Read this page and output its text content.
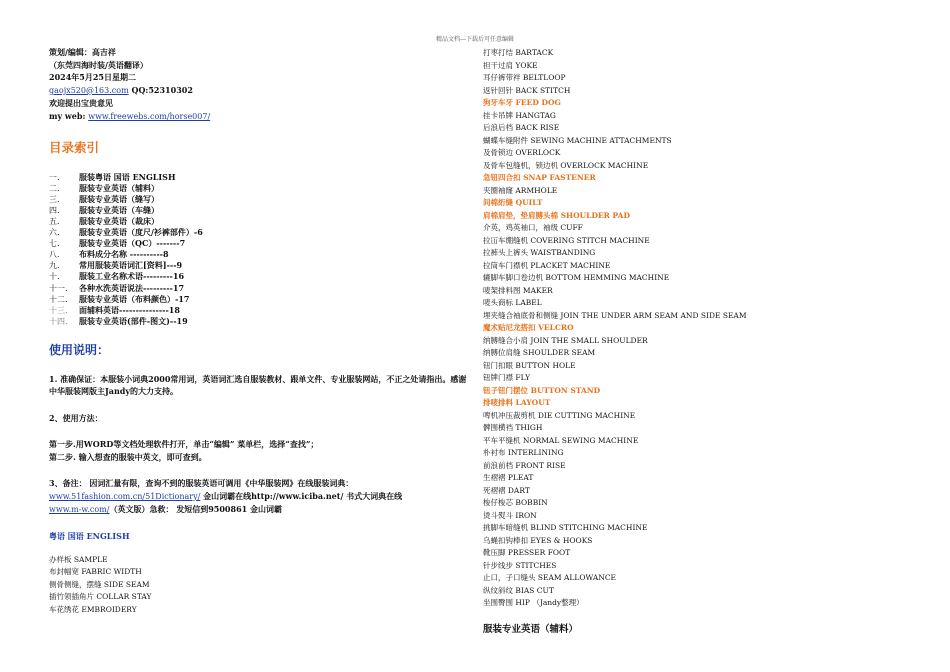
精品文档---下载后可任意编辑
策划/编辑：高吉祥
（东莞四海时装/英语翻译）
2024年5月25日星期二
gaojx520@163.com QQ:52310302
欢迎提出宝贵意见
my web: www.freewebs.com/horse007/
目录索引
一. 服装粤语 国语 ENGLISH
二. 服装专业英语（辅料）
三. 服装专业英语（缝写）
四. 服装专业英语（车缝）
五. 服装专业英语（裁床）
六. 服装专业英语（度尺/衫裤部件）-6
七. 服装专业英语（QC）-------7
八. 布料成分名称 ----------8
九. 常用服装英语词汇[资料]---9
十. 服装工业名称术语---------16
十一. 各种水洗英语说法---------17
十二. 服装专业英语（布料颜色）-17
十三. 面辅料英语---------------18
十四. 服装专业英语(部件-图文)--19
使用说明：
1. 准确保证：本服装小词典2000常用词，英语词汇选自服装教材、跟单文件、专业服装网站，不正之处请指出。感谢中华服装网版主Jandy的大力支持。
2、使用方法：
第一步.用WORD等文档处理软件打开，单击“编辑” 菜单栏，选择“查找”；
第二步. 输入想查的服装中英文，即可查到。
3、备注： 因词汇量有限，查询不到的服装英语可调用《中华服装网》在线服装词典：
www.51fashion.com.cn/51Dictionary/ 金山词霸在线http://www.iciba.net/ 书式大词典在线
www.m-w.com/（英文版）急救： 发短信到9500861 金山词霸
粤语 国语 ENGLISH
办样板 SAMPLE
布封幅宽 FABRIC WIDTH
侧骨侧缝，摆缝 SIDE SEAM
插竹领插角片 COLLAR STAY
车花绣花 EMBROIDERY
打枣打结 BARTACK
担干过肩 YOKE
耳仔裤带袢 BELTLOOP
返针回针 BACK STITCH
狗牙车牙 FEED DOG
挂卡吊牌 HANGTAG
后浪后档 BACK RISE
蝴蝶车缝附件 SEWING MACHINE ATTACHMENTS
及骨锁边 OVERLOCK
及骨车包缝机，锁边机 OVERLOCK MACHINE
急钮四合扣 SNAP FASTENER
夹圈袖窿 ARMHOLE
间棉绗缝 QUILT
肩棉肩垫，垫肩膊头棉 SHOULDER PAD
介英，鸡英袖口，袖级 CUFF
拉冚车绷缝机 COVERING STITCH MACHINE
拉裤头上裤头 WAISTBANDING
拉筒车门襟机 PLACKET MACHINE
辘脚车脚口卷边机 BOTTOM HEMMING MACHINE
唛架排料图 MAKER
唛头商标 LABEL
埋夹缝合袖底骨和侧缝 JOIN THE UNDER ARM SEAM AND SIDE SEAM
魔术贴尼龙搭扣 VELCRO
纳膊缝合小肩 JOIN THE SMALL SHOULDER
纳膊位肩缝 SHOULDER SEAM
钮门扣眼 BUTTON HOLE
钮牌门襟 FLY
钮子钮门摆位 BUTTON STAND
排唛排料 LAYOUT
啤机冲压裁剪机 DIE CUTTING MACHINE
髀围横裆 THIGH
平车平缝机 NORMAL SEWING MACHINE
朴衬布 INTERLINING
前浪前档 FRONT RISE
生褶褶 PLEAT
死褶褶 DART
梭仔梭芯 BOBBIN
烫斗熨斗 IRON
挑脚车暗缝机 BLIND STITCHING MACHINE
乌蝇扣钩棒扣 EYES & HOOKS
靴压脚 PRESSER FOOT
针步线步 STITCHES
止口，子口缝头 SEAM ALLOWANCE
纵纹斜纹 BIAS CUT
坐围臀围 HIP （Jandy整理）
服装专业英语（辅料）
